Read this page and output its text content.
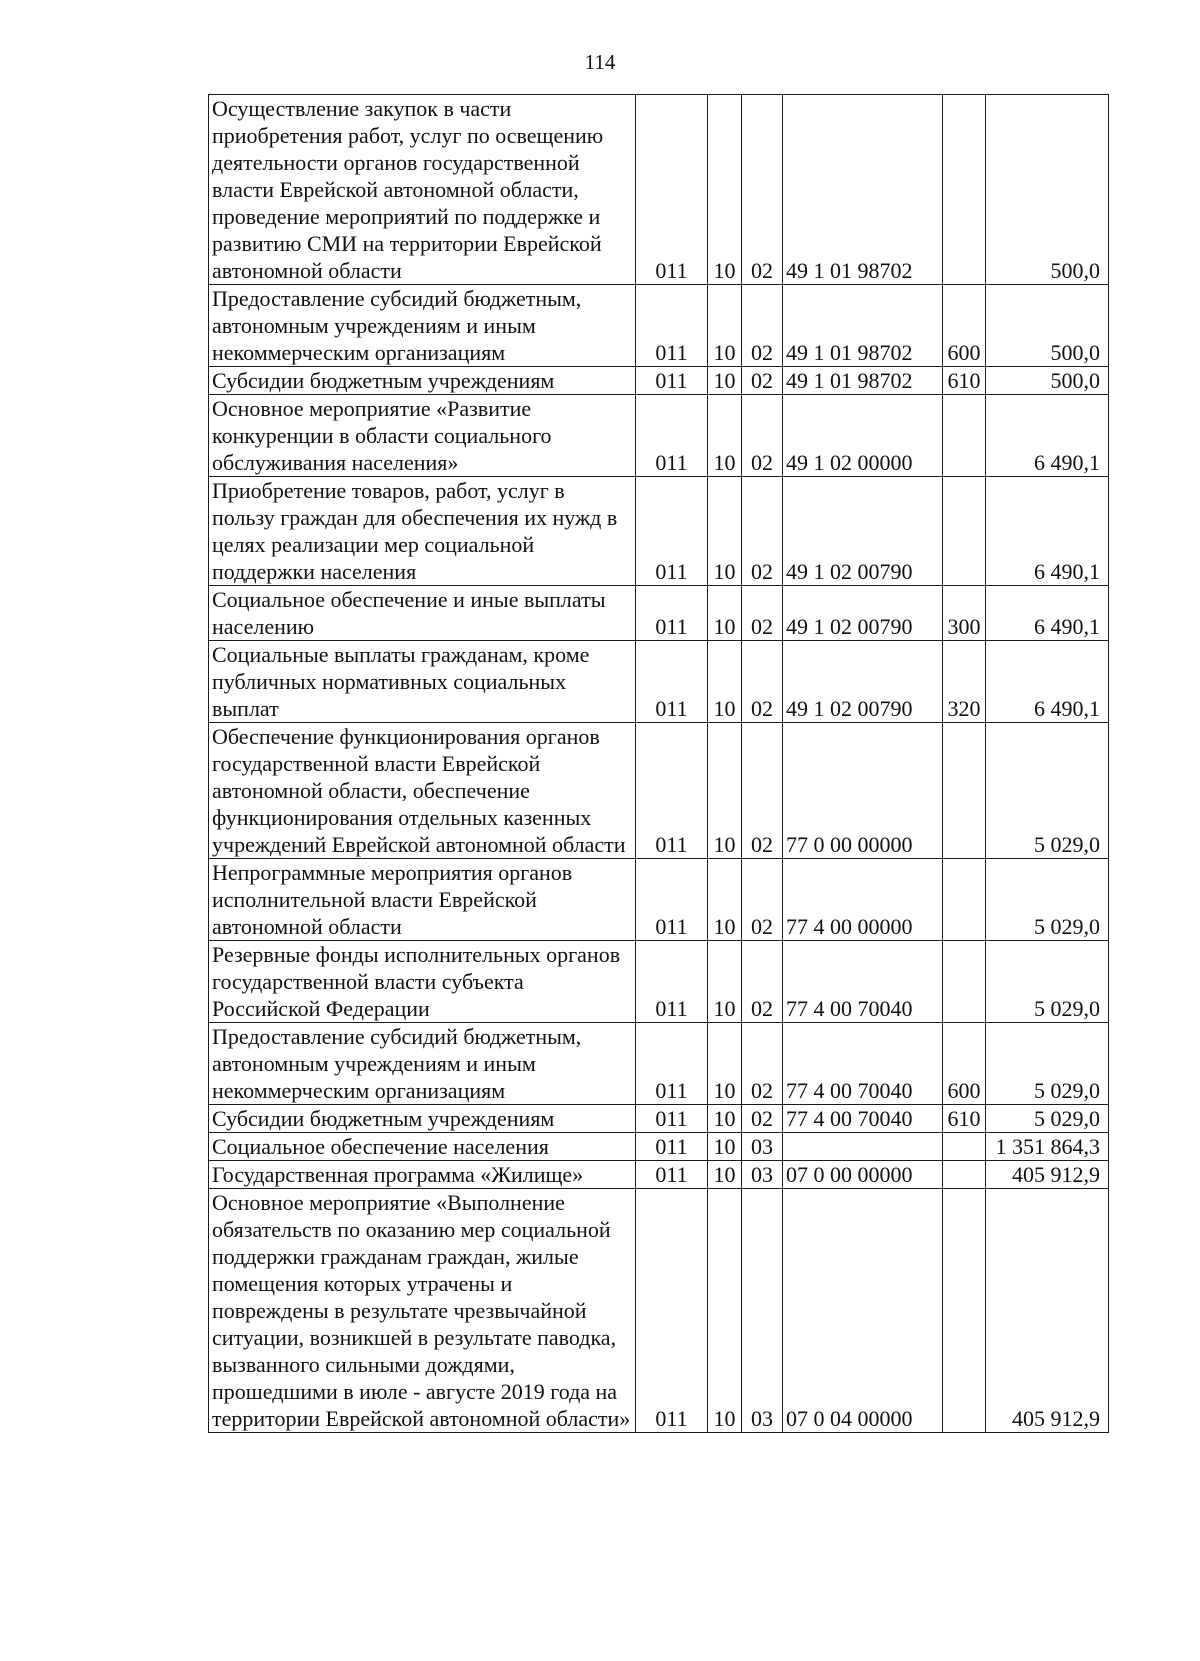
114
Осуществление закупок в части приобретения работ, услуг по освещению деятельности органов государственной власти Еврейской автономной области, проведение мероприятий по поддержке и развитию СМИ на территории Еврейской автономной области	011	10	02	49 1 01 98702		500,0
Предоставление субсидий бюджетным, автономным учреждениям и иным некоммерческим организациям	011	10	02	49 1 01 98702	600	500,0
Субсидии бюджетным учреждениям	011	10	02	49 1 01 98702	610	500,0
Основное мероприятие «Развитие конкуренции в области социального обслуживания населения»	011	10	02	49 1 02 00000		6 490,1
Приобретение товаров, работ, услуг в пользу граждан для обеспечения их нужд в целях реализации мер социальной поддержки населения	011	10	02	49 1 02 00790		6 490,1
Социальное обеспечение и иные выплаты населению	011	10	02	49 1 02 00790	300	6 490,1
Социальные выплаты гражданам, кроме публичных нормативных социальных выплат	011	10	02	49 1 02 00790	320	6 490,1
Обеспечение функционирования органов государственной власти Еврейской автономной области, обеспечение функционирования отдельных казенных учреждений Еврейской автономной области	011	10	02	77 0 00 00000		5 029,0
Непрограммные мероприятия органов исполнительной власти Еврейской автономной области	011	10	02	77 4 00 00000		5 029,0
Резервные фонды исполнительных органов государственной власти субъекта Российской Федерации	011	10	02	77 4 00 70040		5 029,0
Предоставление субсидий бюджетным, автономным учреждениям и иным некоммерческим организациям	011	10	02	77 4 00 70040	600	5 029,0
Субсидии бюджетным учреждениям	011	10	02	77 4 00 70040	610	5 029,0
Социальное обеспечение населения	011	10	03			1 351 864,3
Государственная программа «Жилище»	011	10	03	07 0 00 00000		405 912,9
Основное мероприятие «Выполнение обязательств по оказанию мер социальной поддержки гражданам граждан, жилые помещения которых утрачены и повреждены в результате чрезвычайной ситуации, возникшей в результате паводка, вызванного сильными дождями, прошедшими в июле - августе 2019 года на территории Еврейской автономной области»	011	10	03	07 0 04 00000		405 912,9
